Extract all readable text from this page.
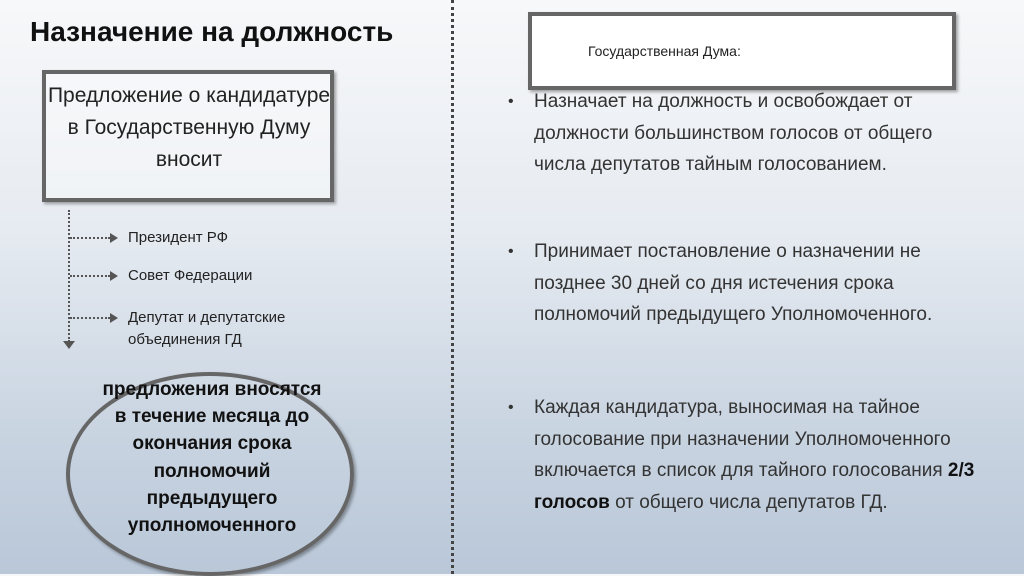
Назначение на должность
Предложение о кандидатуре в Государственную Думу вносит
Президент РФ
Совет Федерации
Депутат и депутатские объединения ГД
предложения вносятся в течение месяца до окончания срока полномочий предыдущего уполномоченного
Государственная Дума:
• Назначает на должность и освобождает от должности большинством голосов от общего числа депутатов тайным голосованием.
• Принимает постановление о назначении не позднее 30 дней со дня истечения срока полномочий предыдущего Уполномоченного.
• Каждая кандидатура, выносимая на тайное голосование при назначении Уполномоченного включается в список для тайного голосования 2/3 голосов от общего числа депутатов ГД.
